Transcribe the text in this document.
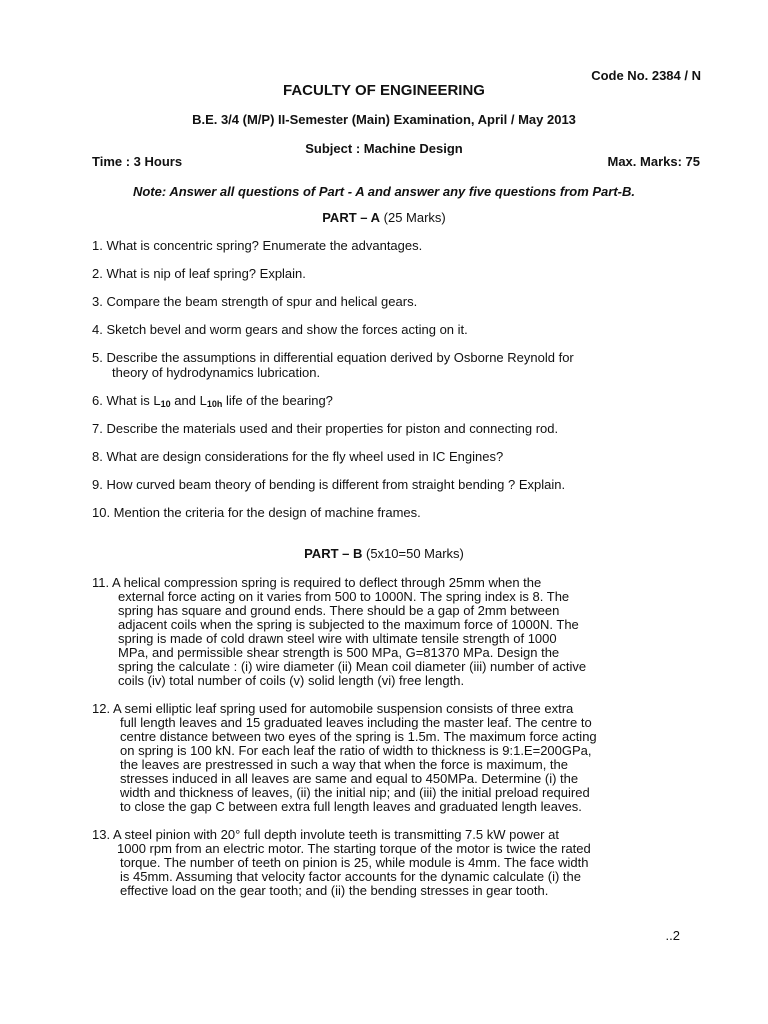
Code No. 2384 / N
FACULTY OF ENGINEERING
B.E. 3/4 (M/P) II-Semester (Main) Examination, April / May 2013
Subject : Machine Design
Time : 3 Hours	Max. Marks: 75
Note: Answer all questions of Part - A and answer any five questions from Part-B.
PART – A (25 Marks)
1. What is concentric spring? Enumerate the advantages.
2. What is nip of leaf spring? Explain.
3. Compare the beam strength of spur and helical gears.
4. Sketch bevel and worm gears and show the forces acting on it.
5. Describe the assumptions in differential equation derived by Osborne Reynold for
theory of hydrodynamics lubrication.
6. What is $L_{10}$ and $L_{10h}$ life of the bearing?
7. Describe the materials used and their properties for piston and connecting rod.
8. What are design considerations for the fly wheel used in IC Engines?
9. How curved beam theory of bending is different from straight bending ? Explain.
10. Mention the criteria for the design of machine frames.
PART – B (5x10=50 Marks)
11. A helical compression spring is required to deflect through 25mm when the
external force acting on it varies from 500 to 1000N. The spring index is 8. The
spring has square and ground ends. There should be a gap of 2mm between
adjacent coils when the spring is subjected to the maximum force of 1000N. The
spring is made of cold drawn steel wire with ultimate tensile strength of 1000
MPa, and permissible shear strength is 500 MPa, G=81370 MPa. Design the
spring the calculate : (i) wire diameter (ii) Mean coil diameter (iii) number of active
coils (iv) total number of coils (v) solid length (vi) free length.
12. A semi elliptic leaf spring used for automobile suspension consists of three extra
full length leaves and 15 graduated leaves including the master leaf. The centre to
centre distance between two eyes of the spring is 1.5m. The maximum force acting
on spring is 100 kN. For each leaf the ratio of width to thickness is 9:1.E=200GPa,
the leaves are prestressed in such a way that when the force is maximum, the
stresses induced in all leaves are same and equal to 450MPa. Determine (i) the
width and thickness of leaves, (ii) the initial nip; and (iii) the initial preload required
to close the gap C between extra full length leaves and graduated length leaves.
13. A steel pinion with 20° full depth involute teeth is transmitting 7.5 kW power at
1000 rpm from an electric motor. The starting torque of the motor is twice the rated
torque. The number of teeth on pinion is 25, while module is 4mm. The face width
is 45mm. Assuming that velocity factor accounts for the dynamic calculate (i) the
effective load on the gear tooth; and (ii) the bending stresses in gear tooth.
..2
